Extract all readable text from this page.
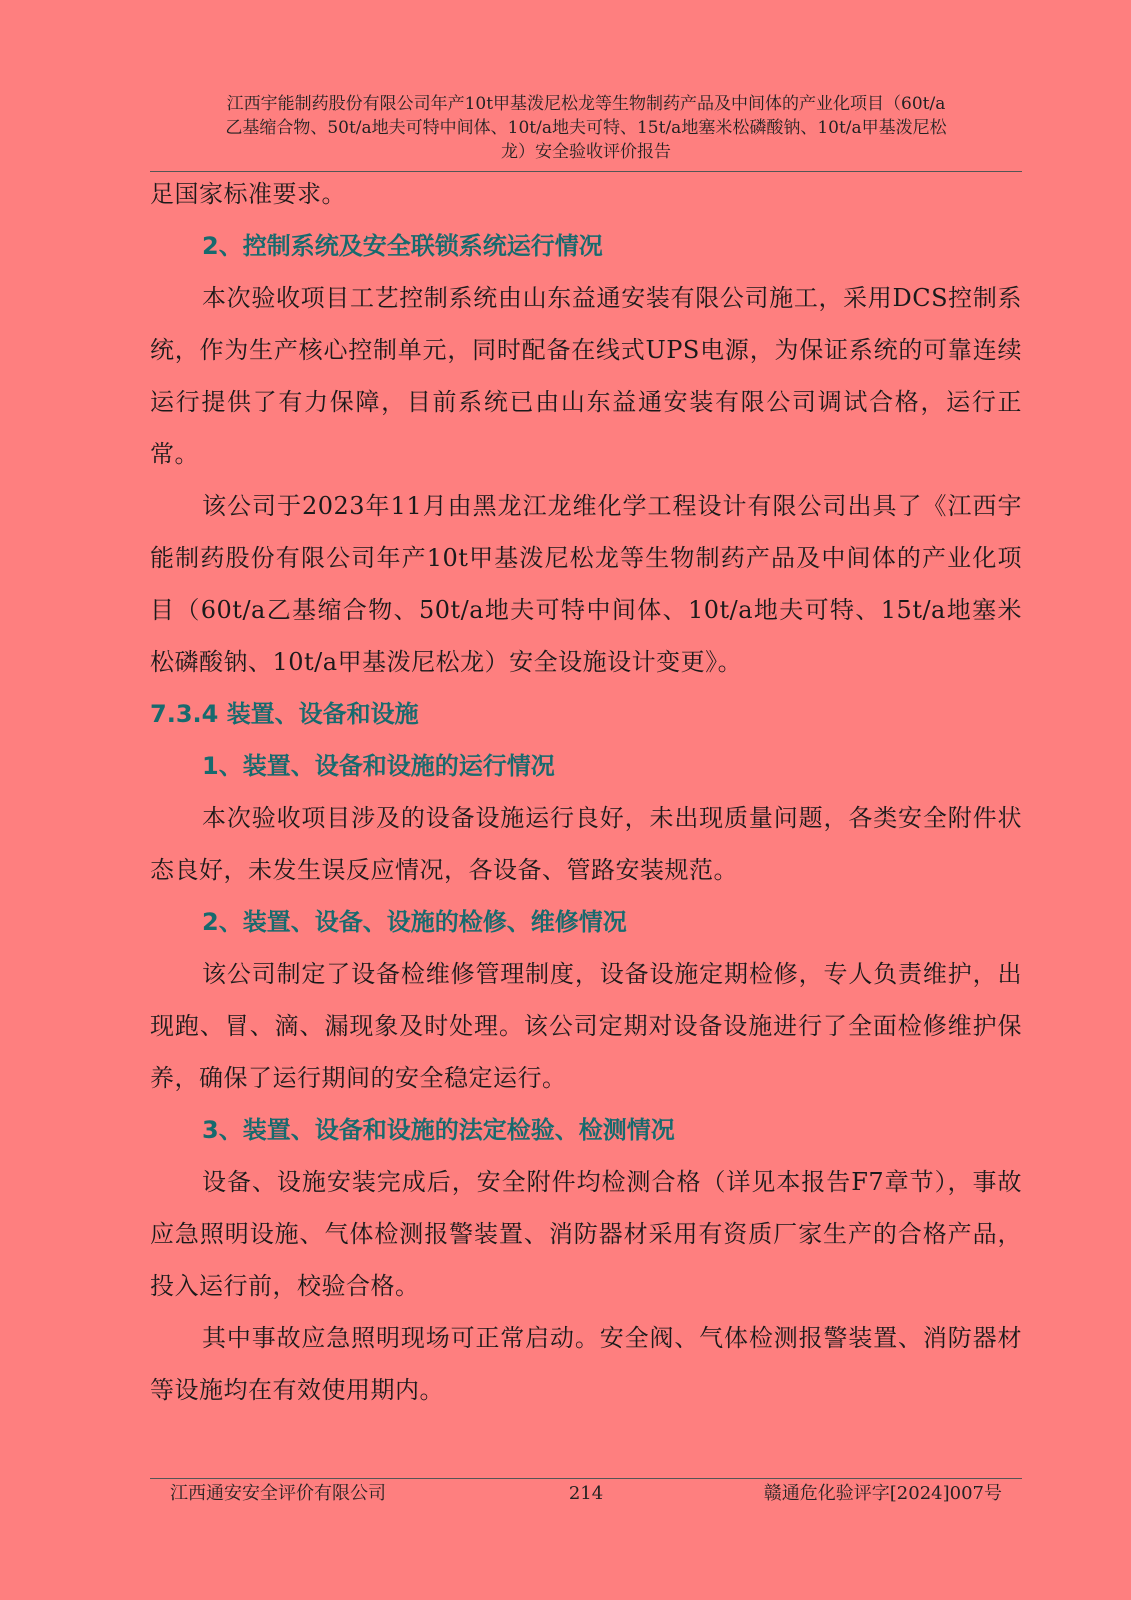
江西宇能制药股份有限公司年产10t甲基泼尼松龙等生物制药产品及中间体的产业化项目（60t/a
乙基缩合物、50t/a地夫可特中间体、10t/a地夫可特、15t/a地塞米松磷酸钠、10t/a甲基泼尼松
龙）安全验收评价报告

足国家标准要求。

2、控制系统及安全联锁系统运行情况

本次验收项目工艺控制系统由山东益通安装有限公司施工，采用DCS控制系统，作为生产核心控制单元，同时配备在线式UPS电源，为保证系统的可靠连续运行提供了有力保障，目前系统已由山东益通安装有限公司调试合格，运行正常。

该公司于2023年11月由黑龙江龙维化学工程设计有限公司出具了《江西宇能制药股份有限公司年产10t甲基泼尼松龙等生物制药产品及中间体的产业化项目（60t/a乙基缩合物、50t/a地夫可特中间体、10t/a地夫可特、15t/a地塞米松磷酸钠、10t/a甲基泼尼松龙）安全设施设计变更》。

7.3.4 装置、设备和设施

1、装置、设备和设施的运行情况

本次验收项目涉及的设备设施运行良好，未出现质量问题，各类安全附件状态良好，未发生误反应情况，各设备、管路安装规范。

2、装置、设备、设施的检修、维修情况

该公司制定了设备检维修管理制度，设备设施定期检修，专人负责维护，出现跑、冒、滴、漏现象及时处理。该公司定期对设备设施进行了全面检修维护保养，确保了运行期间的安全稳定运行。

3、装置、设备和设施的法定检验、检测情况

设备、设施安装完成后，安全附件均检测合格（详见本报告F7章节），事故应急照明设施、气体检测报警装置、消防器材采用有资质厂家生产的合格产品，投入运行前，校验合格。

其中事故应急照明现场可正常启动。安全阀、气体检测报警装置、消防器材等设施均在有效使用期内。

江西通安安全评价有限公司	214	赣通危化验评字[2024]007号
